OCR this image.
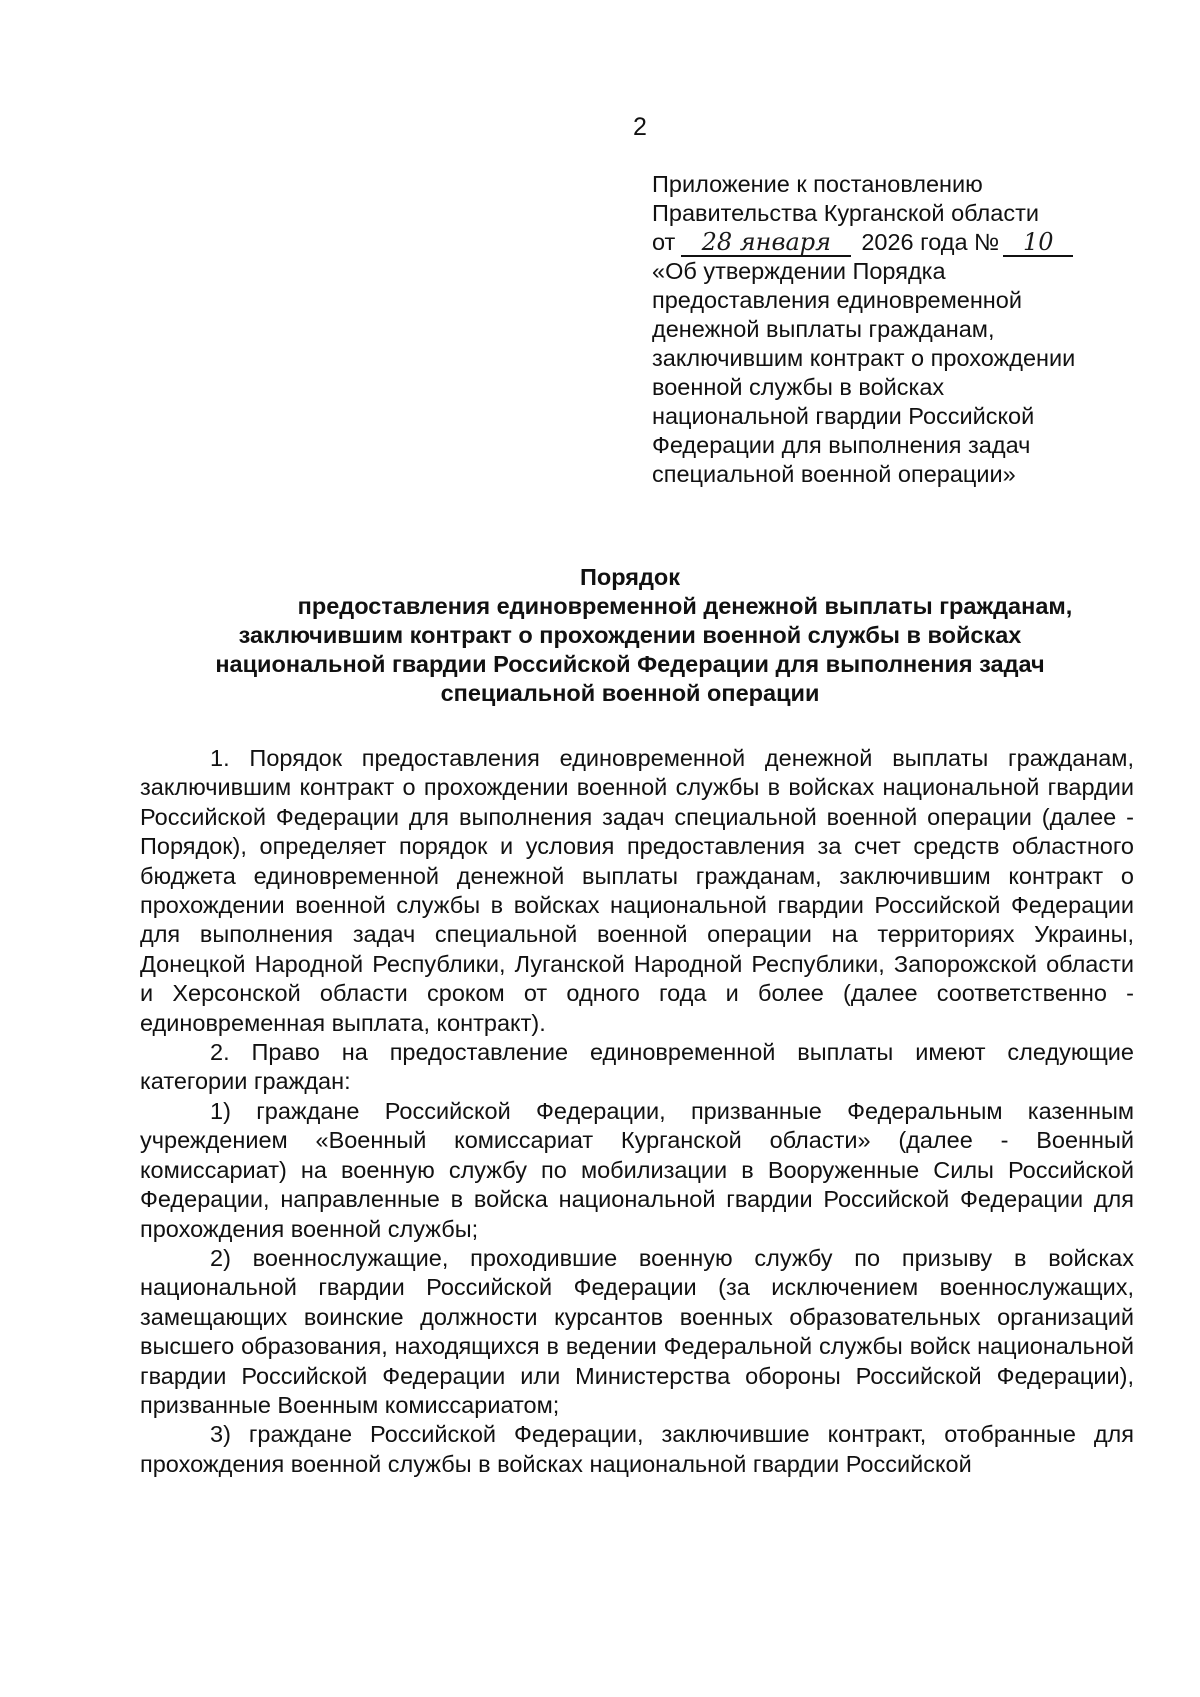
2
Приложение к постановлению
Правительства Курганской области
от 28 января 2026 года № 10
«Об утверждении Порядка
предоставления единовременной
денежной выплаты гражданам,
заключившим контракт о прохождении
военной службы в войсках
национальной гвардии Российской
Федерации для выполнения задач
специальной военной операции»
Порядок
предоставления единовременной денежной выплаты гражданам,
заключившим контракт о прохождении военной службы в войсках
национальной гвардии Российской Федерации для выполнения задач
специальной военной операции

1. Порядок предоставления единовременной денежной выплаты гражданам, заключившим контракт о прохождении военной службы в войсках национальной гвардии Российской Федерации для выполнения задач специальной военной операции (далее - Порядок), определяет порядок и условия предоставления за счет средств областного бюджета единовременной денежной выплаты гражданам, заключившим контракт о прохождении военной службы в войсках национальной гвардии Российской Федерации для выполнения задач специальной военной операции на территориях Украины, Донецкой Народной Республики, Луганской Народной Республики, Запорожской области и Херсонской области сроком от одного года и более (далее соответственно - единовременная выплата, контракт).

2. Право на предоставление единовременной выплаты имеют следующие категории граждан:

1) граждане Российской Федерации, призванные Федеральным казенным учреждением «Военный комиссариат Курганской области» (далее - Военный комиссариат) на военную службу по мобилизации в Вооруженные Силы Российской Федерации, направленные в войска национальной гвардии Российской Федерации для прохождения военной службы;

2) военнослужащие, проходившие военную службу по призыву в войсках национальной гвардии Российской Федерации (за исключением военнослужащих, замещающих воинские должности курсантов военных образовательных организаций высшего образования, находящихся в ведении Федеральной службы войск национальной гвардии Российской Федерации или Министерства обороны Российской Федерации), призванные Военным комиссариатом;

3) граждане Российской Федерации, заключившие контракт, отобранные для прохождения военной службы в войсках национальной гвардии Российской
